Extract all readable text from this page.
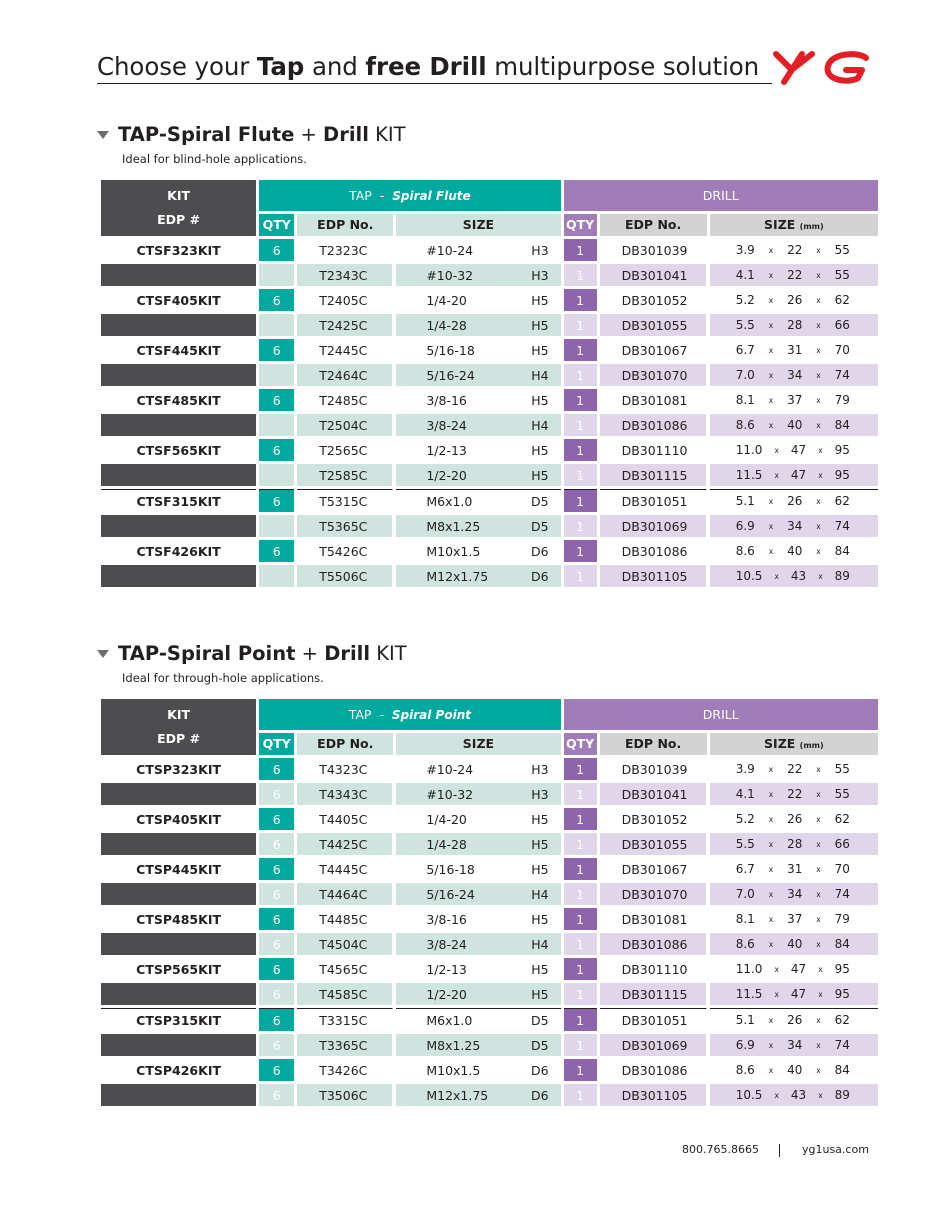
Choose your Tap and free Drill multipurpose solution
TAP-Spiral Flute + Drill KIT
Ideal for blind-hole applications.
KIT
EDP #	TAP - Spiral Flute			DRILL		
	QTY	EDP No.	SIZE	QTY	EDP No.	SIZE (mm)
CTSF323KIT	6	T2323C	#10-24 H3	1	DB301039	3.9 x 22 x 55

		T2343C	#10-32 H3	1	DB301041	4.1 x 22 x 55

CTSF405KIT	6	T2405C	1/4-20 H5	1	DB301052	5.2 x 26 x 62

		T2425C	1/4-28 H5	1	DB301055	5.5 x 28 x 66

CTSF445KIT	6	T2445C	5/16-18 H5	1	DB301067	6.7 x 31 x 70

		T2464C	5/16-24 H4	1	DB301070	7.0 x 34 x 74

CTSF485KIT	6	T2485C	3/8-16 H5	1	DB301081	8.1 x 37 x 79

		T2504C	3/8-24 H4	1	DB301086	8.6 x 40 x 84

CTSF565KIT	6	T2565C	1/2-13 H5	1	DB301110	11.0 x 47 x 95

		T2585C	1/2-20 H5	1	DB301115	11.5 x 47 x 95

CTSF315KIT	6	T5315C	M6x1.0 D5	1	DB301051	5.1 x 26 x 62

		T5365C	M8x1.25 D5	1	DB301069	6.9 x 34 x 74

CTSF426KIT	6	T5426C	M10x1.5 D6	1	DB301086	8.6 x 40 x 84

		T5506C	M12x1.75 D6	1	DB301105	10.5 x 43 x 89
TAP-Spiral Point + Drill KIT
Ideal for through-hole applications.
KIT
EDP #	TAP - Spiral Point			DRILL		
	QTY	EDP No.	SIZE	QTY	EDP No.	SIZE (mm)
CTSP323KIT	6	T4323C	#10-24 H3	1	DB301039	3.9 x 22 x 55

	6	T4343C	#10-32 H3	1	DB301041	4.1 x 22 x 55

CTSP405KIT	6	T4405C	1/4-20 H5	1	DB301052	5.2 x 26 x 62

	6	T4425C	1/4-28 H5	1	DB301055	5.5 x 28 x 66

CTSP445KIT	6	T4445C	5/16-18 H5	1	DB301067	6.7 x 31 x 70

	6	T4464C	5/16-24 H4	1	DB301070	7.0 x 34 x 74

CTSP485KIT	6	T4485C	3/8-16 H5	1	DB301081	8.1 x 37 x 79

	6	T4504C	3/8-24 H4	1	DB301086	8.6 x 40 x 84

CTSP565KIT	6	T4565C	1/2-13 H5	1	DB301110	11.0 x 47 x 95

	6	T4585C	1/2-20 H5	1	DB301115	11.5 x 47 x 95

CTSP315KIT	6	T3315C	M6x1.0 D5	1	DB301051	5.1 x 26 x 62

	6	T3365C	M8x1.25 D5	1	DB301069	6.9 x 34 x 74

CTSP426KIT	6	T3426C	M10x1.5 D6	1	DB301086	8.6 x 40 x 84

	6	T3506C	M12x1.75 D6	1	DB301105	10.5 x 43 x 89
800.765.8665	yg1usa.com
